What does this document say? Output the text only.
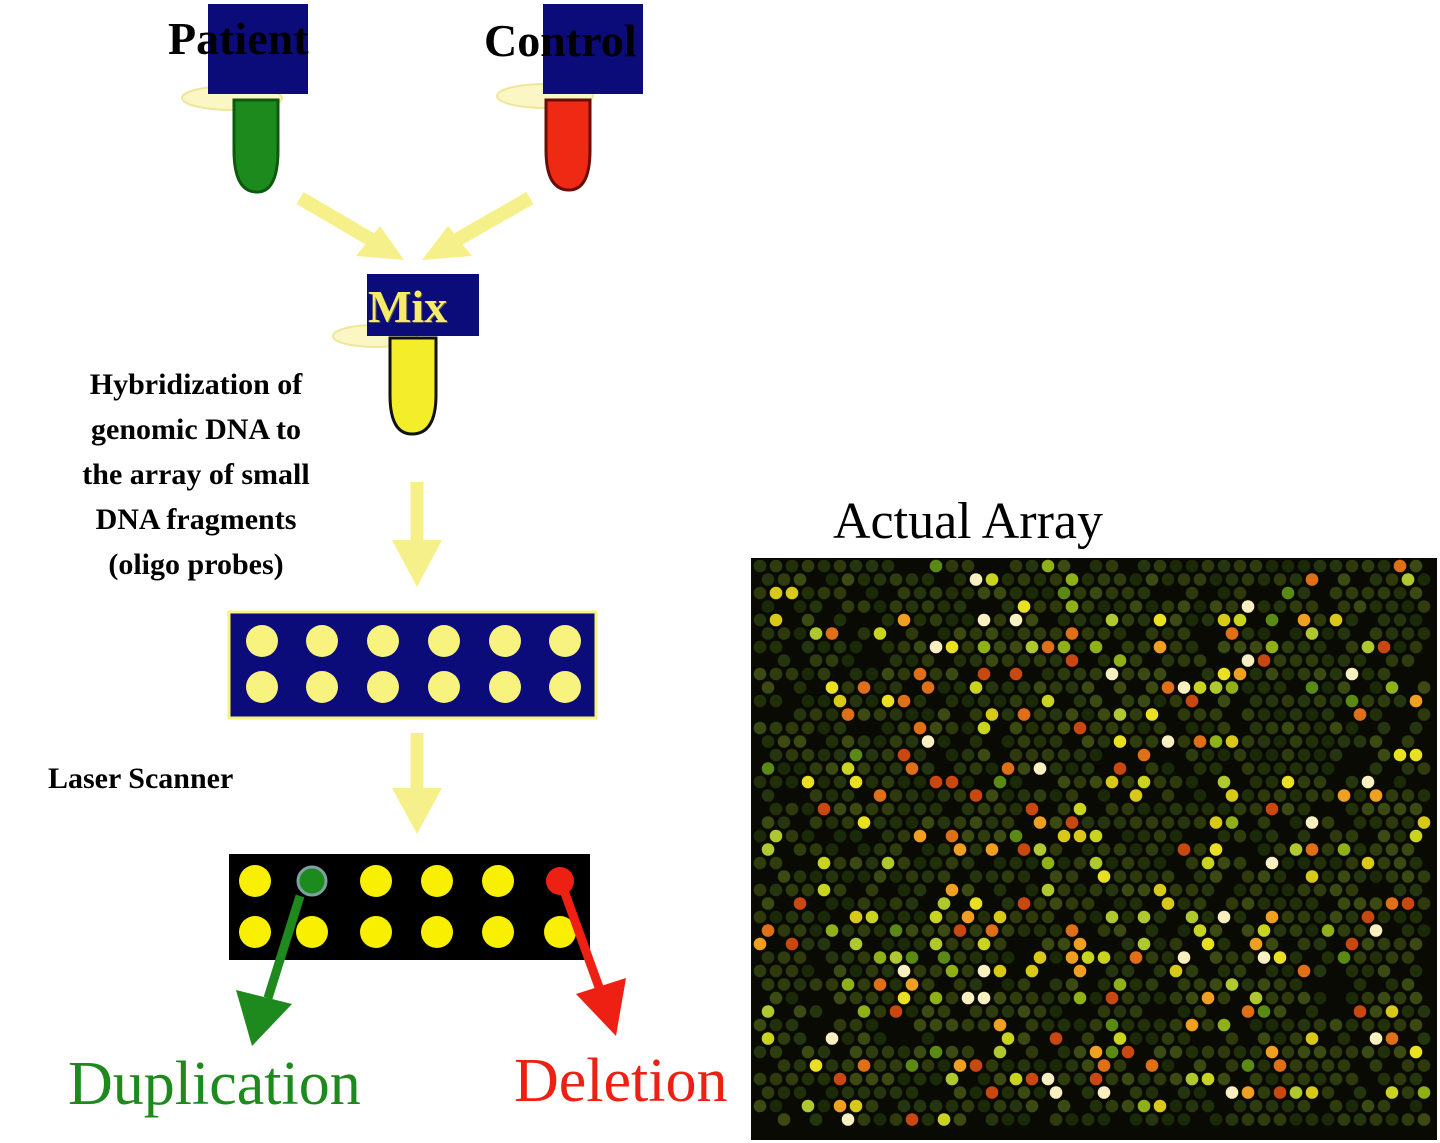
Patient	Control
Mix
Hybridization of
genomic DNA to
the array of small
DNA fragments
(oligo probes)
Laser Scanner
Duplication Deletion
Actual Array
